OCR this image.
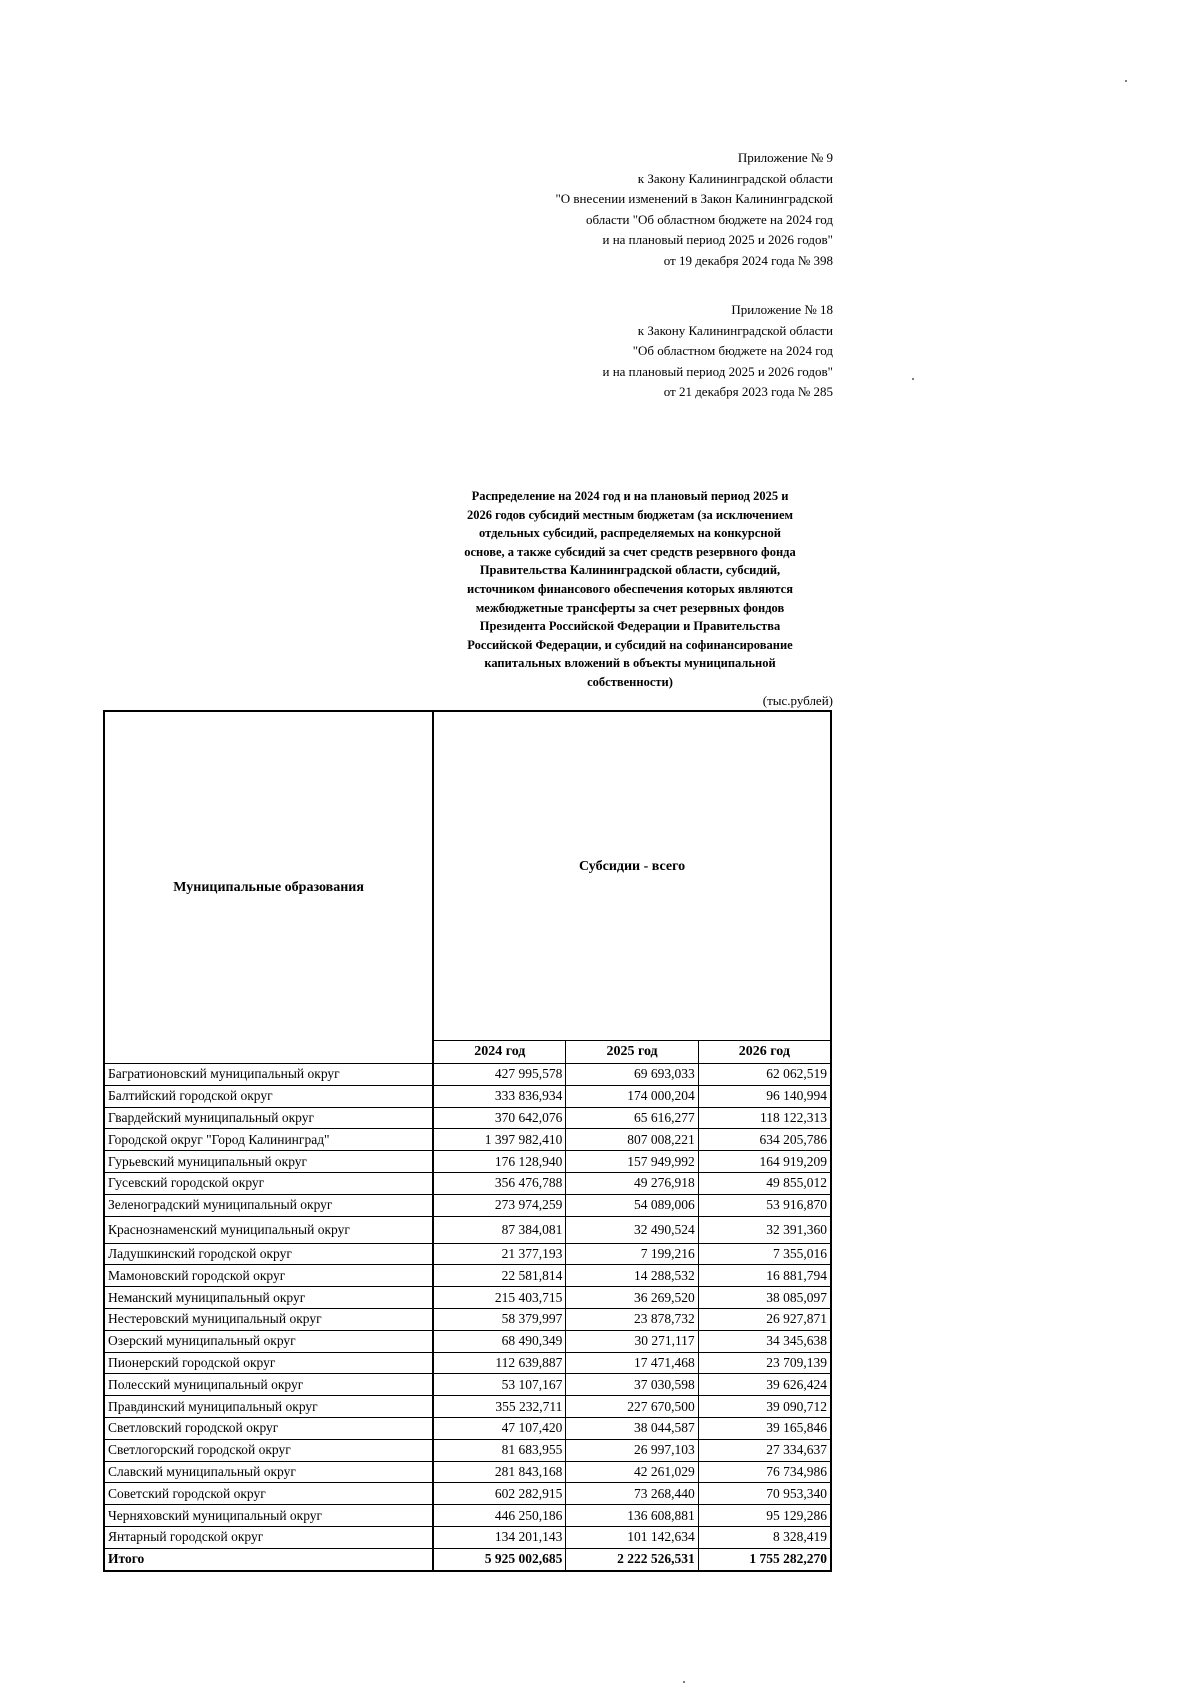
Приложение № 9
к Закону Калининградской области
"О внесении изменений в Закон Калининградской
области "Об областном бюджете на 2024 год
и на плановый период 2025 и 2026 годов"
от 19 декабря 2024 года № 398
Приложение № 18
к Закону Калининградской области
"Об областном бюджете на 2024 год
и на плановый период 2025 и 2026 годов"
от 21 декабря 2023 года № 285
Распределение на 2024 год и на плановый период 2025 и
2026 годов субсидий местным бюджетам (за исключением
отдельных субсидий, распределяемых на конкурсной
основе, а также субсидий за счет средств резервного фонда
Правительства Калининградской области, субсидий,
источником финансового обеспечения которых являются
межбюджетные трансферты за счет резервных фондов
Президента Российской Федерации и Правительства
Российской Федерации, и субсидий на софинансирование
капитальных вложений в объекты муниципальной
собственности)
(тыс.рублей)
Муниципальные образования	Субсидии - всего		
	2024 год	2025 год	2026 год
Багратионовский муниципальный округ	427 995,578	69 693,033	62 062,519
Балтийский городской округ	333 836,934	174 000,204	96 140,994
Гвардейский муниципальный округ	370 642,076	65 616,277	118 122,313
Городской округ "Город Калининград"	1 397 982,410	807 008,221	634 205,786
Гурьевский муниципальный округ	176 128,940	157 949,992	164 919,209
Гусевский городской округ	356 476,788	49 276,918	49 855,012
Зеленоградский муниципальный округ	273 974,259	54 089,006	53 916,870
Краснознаменский муниципальный округ	87 384,081	32 490,524	32 391,360
Ладушкинский городской округ	21 377,193	7 199,216	7 355,016
Мамоновский городской округ	22 581,814	14 288,532	16 881,794
Неманский муниципальный округ	215 403,715	36 269,520	38 085,097
Нестеровский муниципальный округ	58 379,997	23 878,732	26 927,871
Озерский муниципальный округ	68 490,349	30 271,117	34 345,638
Пионерский городской округ	112 639,887	17 471,468	23 709,139
Полесский муниципальный округ	53 107,167	37 030,598	39 626,424
Правдинский муниципальный округ	355 232,711	227 670,500	39 090,712
Светловский городской округ	47 107,420	38 044,587	39 165,846
Светлогорский городской округ	81 683,955	26 997,103	27 334,637
Славский муниципальный округ	281 843,168	42 261,029	76 734,986
Советский городской округ	602 282,915	73 268,440	70 953,340
Черняховский муниципальный округ	446 250,186	136 608,881	95 129,286
Янтарный городской округ	134 201,143	101 142,634	8 328,419
Итого	5 925 002,685	2 222 526,531	1 755 282,270
